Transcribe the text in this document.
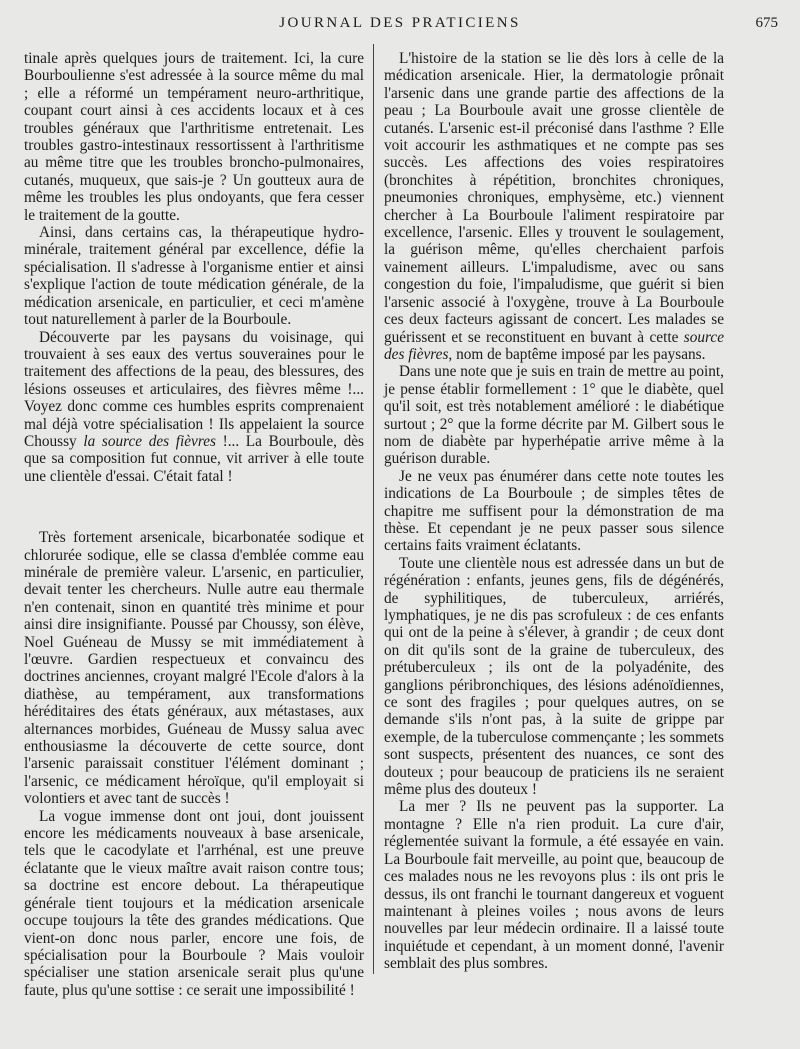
JOURNAL DES PRATICIENS	675

tinale après quelques jours de traitement. Ici, la cure Bourboulienne s'est adressée à la source même du mal ; elle a réformé un tempérament neuro-arthritique, coupant court ainsi à ces accidents locaux et à ces troubles généraux que l'arthritisme entretenait. Les troubles gastro-intestinaux ressortissent à l'arthritisme au même titre que les troubles broncho-pulmonaires, cutanés, muqueux, que sais-je ? Un goutteux aura de même les troubles les plus ondoyants, que fera cesser le traitement de la goutte.

Ainsi, dans certains cas, la thérapeutique hydro-minérale, traitement général par excellence, défie la spécialisation. Il s'adresse à l'organisme entier et ainsi s'explique l'action de toute médication générale, de la médication arsenicale, en particulier, et ceci m'amène tout naturellement à parler de la Bourboule.

Découverte par les paysans du voisinage, qui trouvaient à ses eaux des vertus souveraines pour le traitement des affections de la peau, des blessures, des lésions osseuses et articulaires, des fièvres même !... Voyez donc comme ces humbles esprits comprenaient mal déjà votre spécialisation ! Ils appelaient la source Choussy la source des fièvres !... La Bourboule, dès que sa composition fut connue, vit arriver à elle toute une clientèle d'essai. C'était fatal !

Très fortement arsenicale, bicarbonatée sodique et chlorurée sodique, elle se classa d'emblée comme eau minérale de première valeur. L'arsenic, en particulier, devait tenter les chercheurs. Nulle autre eau thermale n'en contenait, sinon en quantité très minime et pour ainsi dire insignifiante. Poussé par Choussy, son élève, Noel Guéneau de Mussy se mit immédiatement à l'œuvre. Gardien respectueux et convaincu des doctrines anciennes, croyant malgré l'Ecole d'alors à la diathèse, au tempérament, aux transformations héréditaires des états généraux, aux métastases, aux alternances morbides, Guéneau de Mussy salua avec enthousiasme la découverte de cette source, dont l'arsenic paraissait constituer l'élément dominant ; l'arsenic, ce médicament héroïque, qu'il employait si volontiers et avec tant de succès !

La vogue immense dont ont joui, dont jouissent encore les médicaments nouveaux à base arsenicale, tels que le cacodylate et l'arrhénal, est une preuve éclatante que le vieux maître avait raison contre tous; sa doctrine est encore debout. La thérapeutique générale tient toujours et la médication arsenicale occupe toujours la tête des grandes médications. Que vient-on donc nous parler, encore une fois, de spécialisation pour la Bourboule ? Mais vouloir spécialiser une station arsenicale serait plus qu'une faute, plus qu'une sottise : ce serait une impossibilité !

L'histoire de la station se lie dès lors à celle de la médication arsenicale. Hier, la dermatologie prônait l'arsenic dans une grande partie des affections de la peau ; La Bourboule avait une grosse clientèle de cutanés. L'arsenic est-il préconisé dans l'asthme ? Elle voit accourir les asthmatiques et ne compte pas ses succès. Les affections des voies respiratoires (bronchites à répétition, bronchites chroniques, pneumonies chroniques, emphysème, etc.) viennent chercher à La Bourboule l'aliment respiratoire par excellence, l'arsenic. Elles y trouvent le soulagement, la guérison même, qu'elles cherchaient parfois vainement ailleurs. L'impaludisme, avec ou sans congestion du foie, l'impaludisme, que guérit si bien l'arsenic associé à l'oxygène, trouve à La Bourboule ces deux facteurs agissant de concert. Les malades se guérissent et se reconstituent en buvant à cette source des fièvres, nom de baptême imposé par les paysans.

Dans une note que je suis en train de mettre au point, je pense établir formellement : 1° que le diabète, quel qu'il soit, est très notablement amélioré : le diabétique surtout ; 2° que la forme décrite par M. Gilbert sous le nom de diabète par hyperhépatie arrive même à la guérison durable.

Je ne veux pas énumérer dans cette note toutes les indications de La Bourboule ; de simples têtes de chapitre me suffisent pour la démonstration de ma thèse. Et cependant je ne peux passer sous silence certains faits vraiment éclatants.

Toute une clientèle nous est adressée dans un but de régénération : enfants, jeunes gens, fils de dégénérés, de syphilitiques, de tuberculeux, arriérés, lymphatiques, je ne dis pas scrofuleux : de ces enfants qui ont de la peine à s'élever, à grandir ; de ceux dont on dit qu'ils sont de la graine de tuberculeux, des prétuberculeux ; ils ont de la polyadénite, des ganglions péribronchiques, des lésions adénoïdiennes, ce sont des fragiles ; pour quelques autres, on se demande s'ils n'ont pas, à la suite de grippe par exemple, de la tuberculose commençante ; les sommets sont suspects, présentent des nuances, ce sont des douteux ; pour beaucoup de praticiens ils ne seraient même plus des douteux !

La mer ? Ils ne peuvent pas la supporter. La montagne ? Elle n'a rien produit. La cure d'air, réglementée suivant la formule, a été essayée en vain. La Bourboule fait merveille, au point que, beaucoup de ces malades nous ne les revoyons plus : ils ont pris le dessus, ils ont franchi le tournant dangereux et voguent maintenant à pleines voiles ; nous avons de leurs nouvelles par leur médecin ordinaire. Il a laissé toute inquiétude et cependant, à un moment donné, l'avenir semblait des plus sombres.
